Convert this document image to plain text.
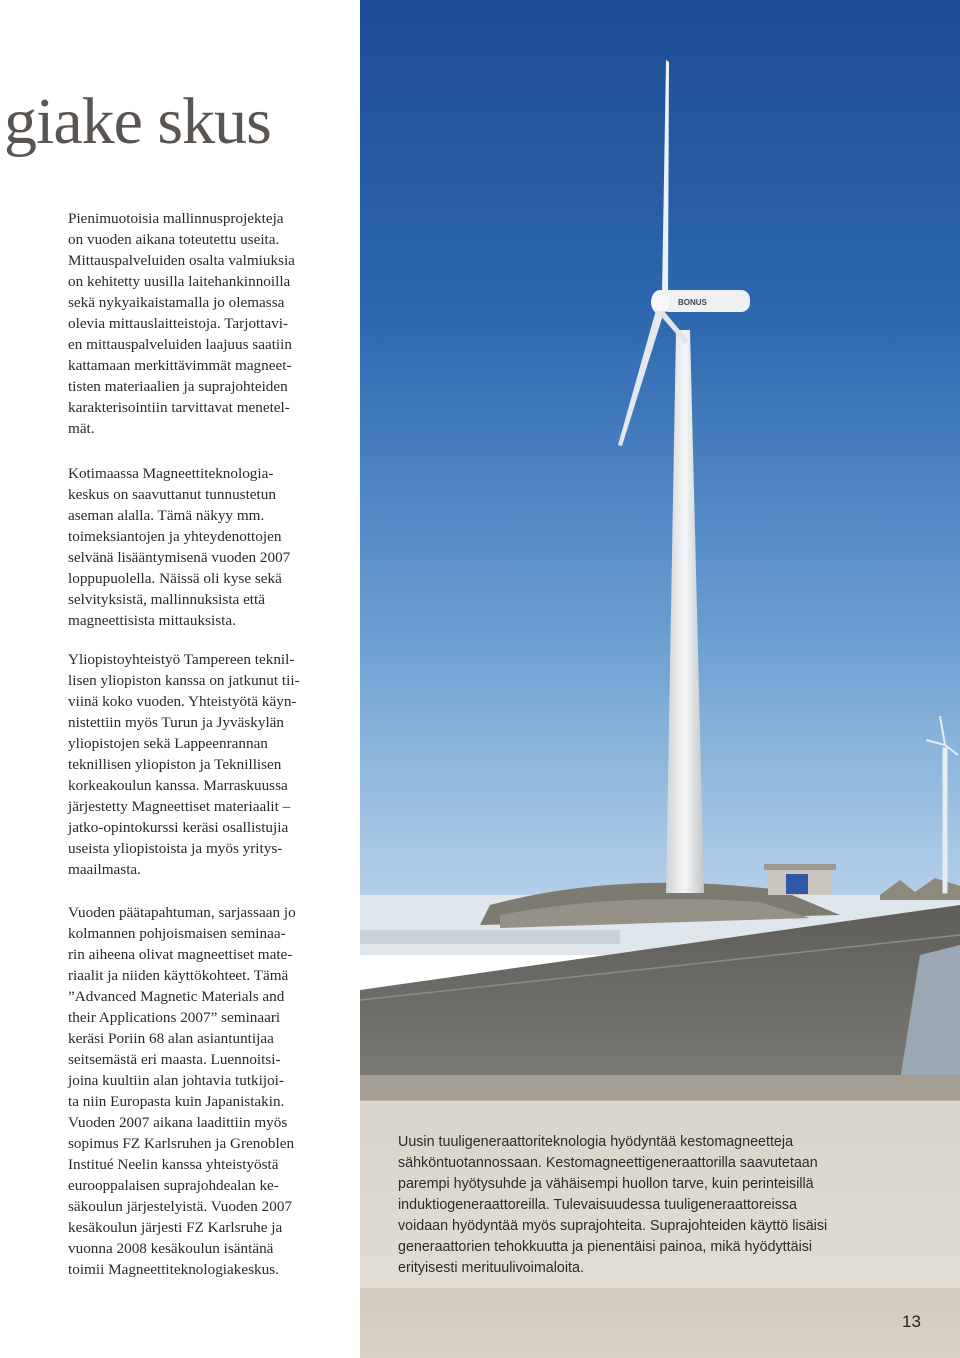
giake skus

Pienimuotoisia mallinnusprojekteja
on vuoden aikana toteutettu useita.
Mittauspalveluiden osalta valmiuksia
on kehitetty uusilla laitehankinnoilla
sekä nykyaikaistamalla jo olemassa
olevia mittauslaitteistoja. Tarjottavi-
en mittauspalveluiden laajuus saatiin
kattamaan merkittävimmät magneet-
tisten materiaalien ja suprajohteiden
karakterisointiin tarvittavat menetel-
mät.

Kotimaassa Magneettiteknologia-
keskus on saavuttanut tunnustetun
aseman alalla. Tämä näkyy mm.
toimeksiantojen ja yhteydenottojen
selvänä lisääntymisenä vuoden 2007
loppupuolella. Näissä oli kyse sekä
selvityksistä, mallinnuksista että
magneettisista mittauksista.

Yliopistoyhteistyö Tampereen teknil-
lisen yliopiston kanssa on jatkunut tii-
viinä koko vuoden. Yhteistyötä käyn-
nistettiin myös Turun ja Jyväskylän
yliopistojen sekä Lappeenrannan
teknillisen yliopiston ja Teknillisen
korkeakoulun kanssa. Marraskuussa
järjestetty Magneettiset materiaalit –
jatko-opintokurssi keräsi osallistujia
useista yliopistoista ja myös yritys-
maailmasta.

Vuoden päätapahtuman, sarjassaan jo
kolmannen pohjoismaisen seminaa-
rin aiheena olivat magneettiset mate-
riaalit ja niiden käyttökohteet. Tämä
”Advanced Magnetic Materials and
their Applications 2007” seminaari
keräsi Poriin 68 alan asiantuntijaa
seitsemästä eri maasta. Luennoitsi-
joina kuultiin alan johtavia tutkijoi-
ta niin Europasta kuin Japanistakin.
Vuoden 2007 aikana laadittiin myös
sopimus FZ Karlsruhen ja Grenoblen
Institué Neelin kanssa yhteistyöstä
eurooppalaisen suprajohdealan ke-
säkoulun järjestelyistä. Vuoden 2007
kesäkoulun järjesti FZ Karlsruhe ja
vuonna 2008 kesäkoulun isäntänä
toimii Magneettiteknologiakeskus.

BONUS

Uusin tuuligeneraattoriteknologia hyödyntää kestomagneetteja
sähköntuotannossaan. Kestomagneettigeneraattorilla saavutetaan
parempi hyötysuhde ja vähäisempi huollon tarve, kuin perinteisillä
induktiogeneraattoreilla. Tulevaisuudessa tuuligeneraattoreissa
voidaan hyödyntää myös suprajohteita. Suprajohteiden käyttö lisäisi
generaattorien tehokkuutta ja pienentäisi painoa, mikä hyödyttäisi
erityisesti merituulivoimaloita.

13
